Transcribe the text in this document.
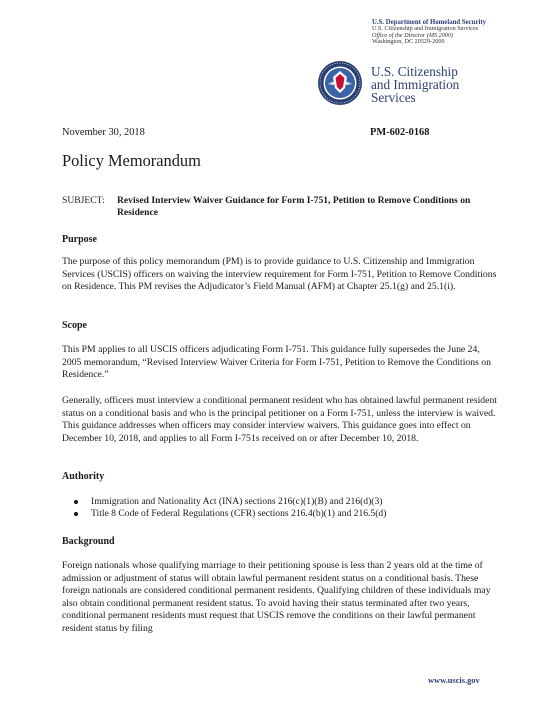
U.S. Department of Homeland Security
U.S. Citizenship and Immigration Services
Office of the Director (MS 2000)
Washington, DC 20529-2000
U.S. Citizenship
and Immigration
Services
November 30, 2018	PM-602-0168
Policy Memorandum
SUBJECT: Revised Interview Waiver Guidance for Form I-751, Petition to Remove Conditions on Residence
Purpose
The purpose of this policy memorandum (PM) is to provide guidance to U.S. Citizenship and Immigration Services (USCIS) officers on waiving the interview requirement for Form I-751, Petition to Remove Conditions on Residence. This PM revises the Adjudicator’s Field Manual (AFM) at Chapter 25.1(g) and 25.1(i).
Scope
This PM applies to all USCIS officers adjudicating Form I-751. This guidance fully supersedes the June 24, 2005 memorandum, “Revised Interview Waiver Criteria for Form I-751, Petition to Remove the Conditions on Residence.”
Generally, officers must interview a conditional permanent resident who has obtained lawful permanent resident status on a conditional basis and who is the principal petitioner on a Form I-751, unless the interview is waived. This guidance addresses when officers may consider interview waivers. This guidance goes into effect on December 10, 2018, and applies to all Form I-751s received on or after December 10, 2018.
Authority
Immigration and Nationality Act (INA) sections 216(c)(1)(B) and 216(d)(3)
Title 8 Code of Federal Regulations (CFR) sections 216.4(b)(1) and 216.5(d)
Background
Foreign nationals whose qualifying marriage to their petitioning spouse is less than 2 years old at the time of admission or adjustment of status will obtain lawful permanent resident status on a conditional basis. These foreign nationals are considered conditional permanent residents. Qualifying children of these individuals may also obtain conditional permanent resident status. To avoid having their status terminated after two years, conditional permanent residents must request that USCIS remove the conditions on their lawful permanent resident status by filing
www.uscis.gov
